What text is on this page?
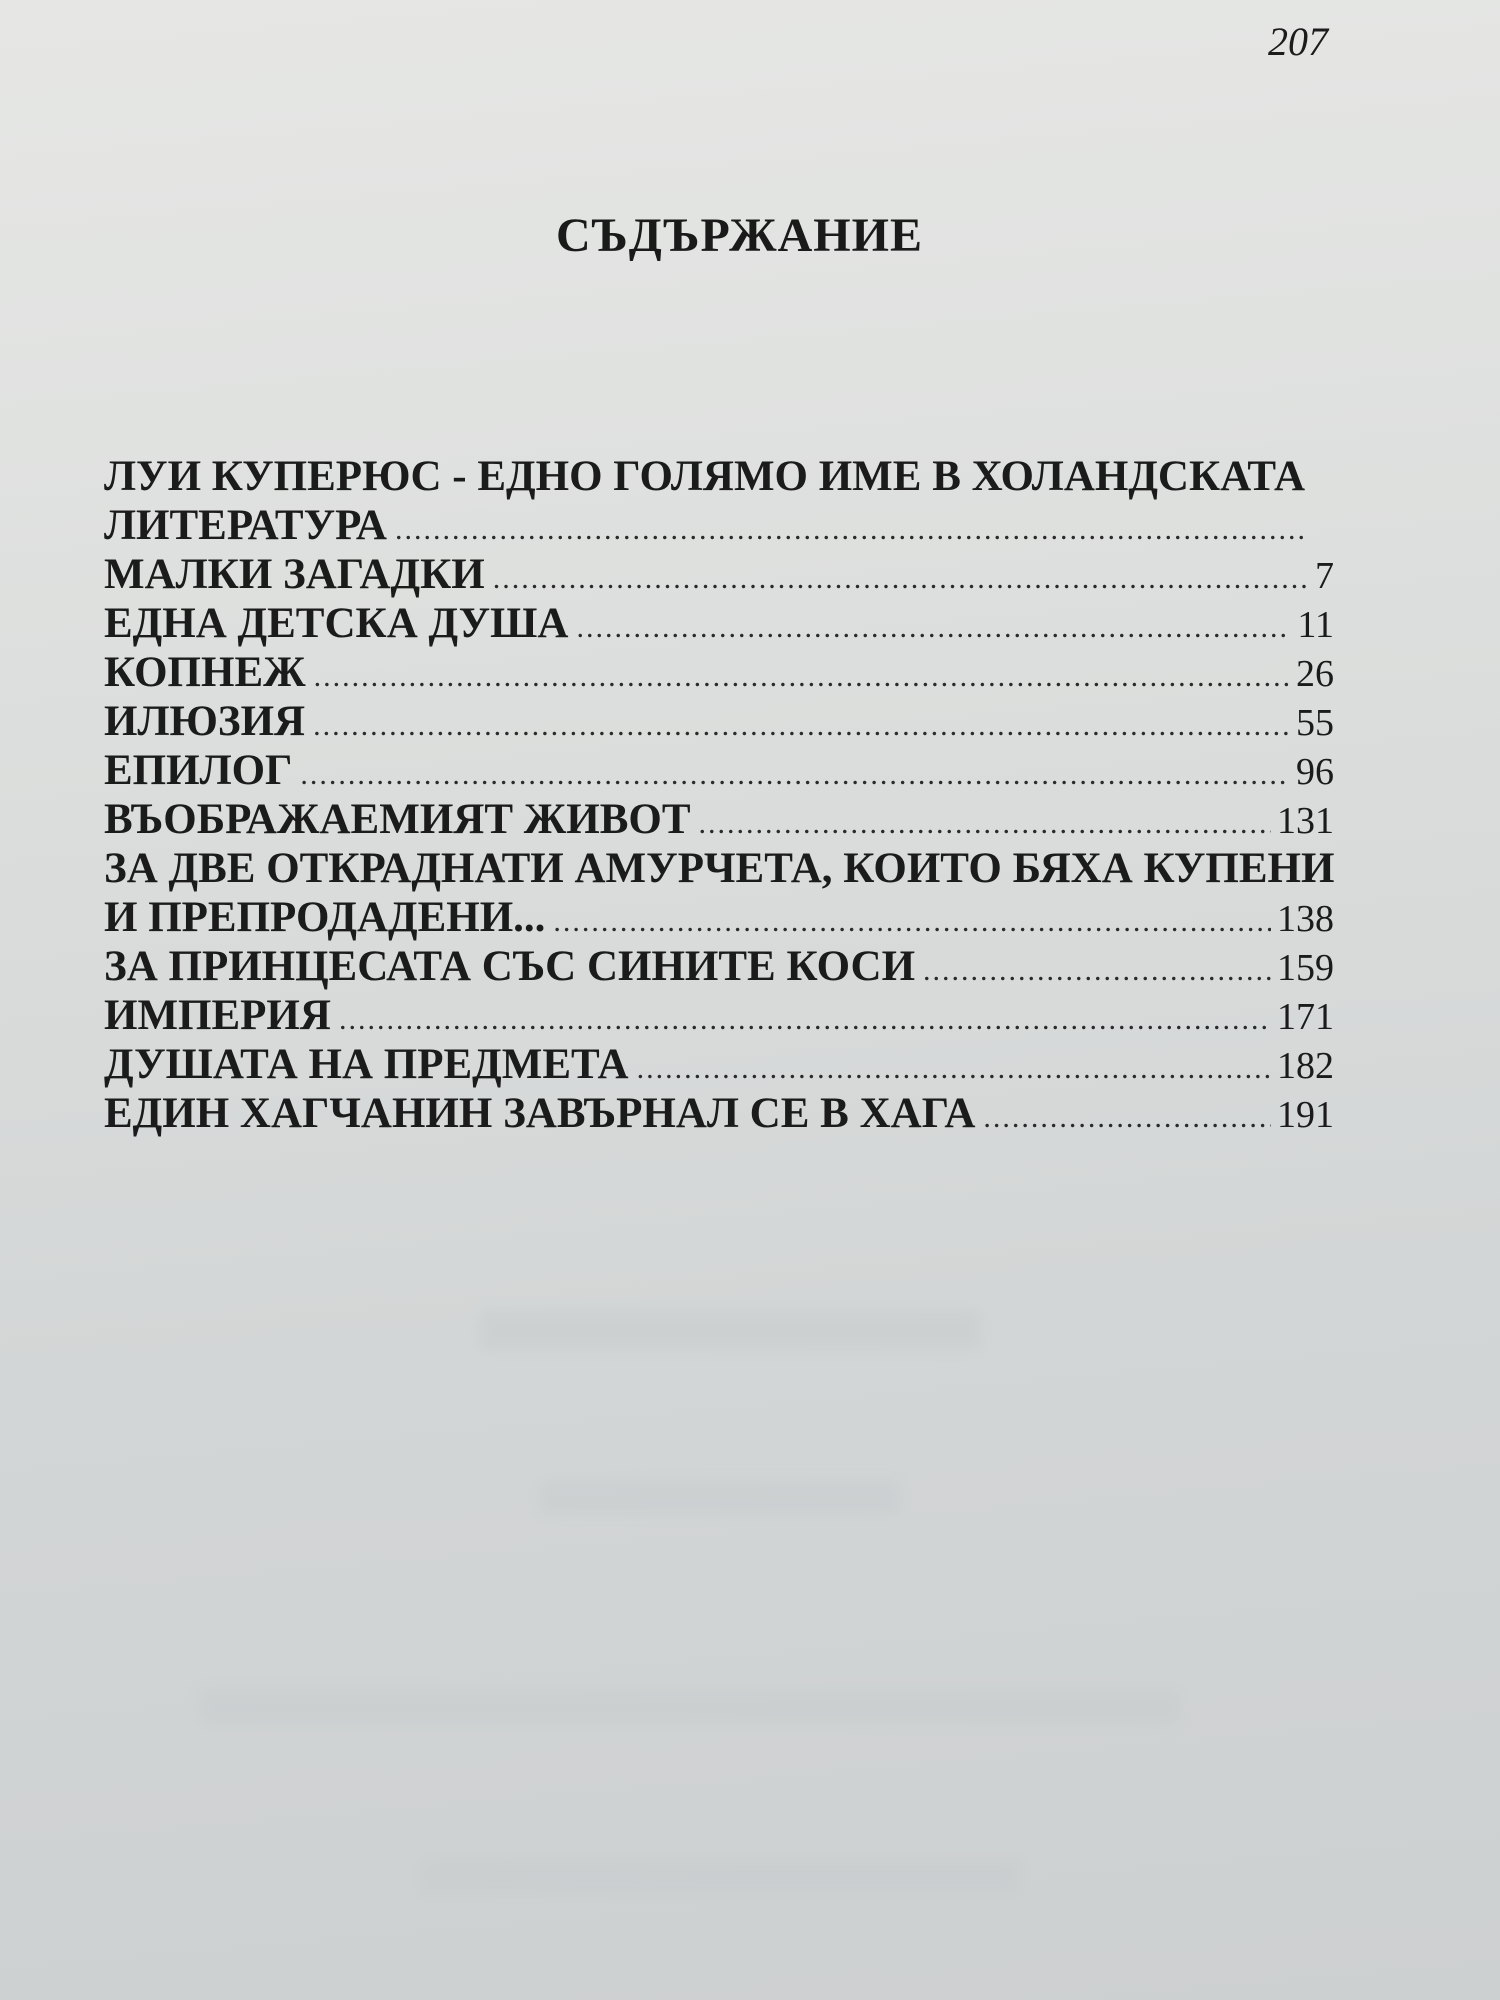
207
СЪДЪРЖАНИЕ
ЛУИ КУПЕРЮС - ЕДНО ГОЛЯМО ИМЕ В ХОЛАНДСКАТА
ЛИТЕРАТУРА
.....
МАЛКИ ЗАГАДКИ .....	7
ЕДНА ДЕТСКА ДУША .....	11
КОПНЕЖ .....	26
ИЛЮЗИЯ .....	55
ЕПИЛОГ .....	96
ВЪОБРАЖАЕМИЯТ ЖИВОТ .....	131
ЗА ДВЕ ОТКРАДНАТИ АМУРЧЕТА, КОИТО БЯХА КУПЕНИ
И ПРЕПРОДАДЕНИ... .....	138
ЗА ПРИНЦЕСАТА СЪС СИНИТЕ КОСИ .....	159
ИМПЕРИЯ .....	171
ДУШАТА НА ПРЕДМЕТА .....	182
ЕДИН ХАГЧАНИН ЗАВЪРНАЛ СЕ В ХАГА .....	191
